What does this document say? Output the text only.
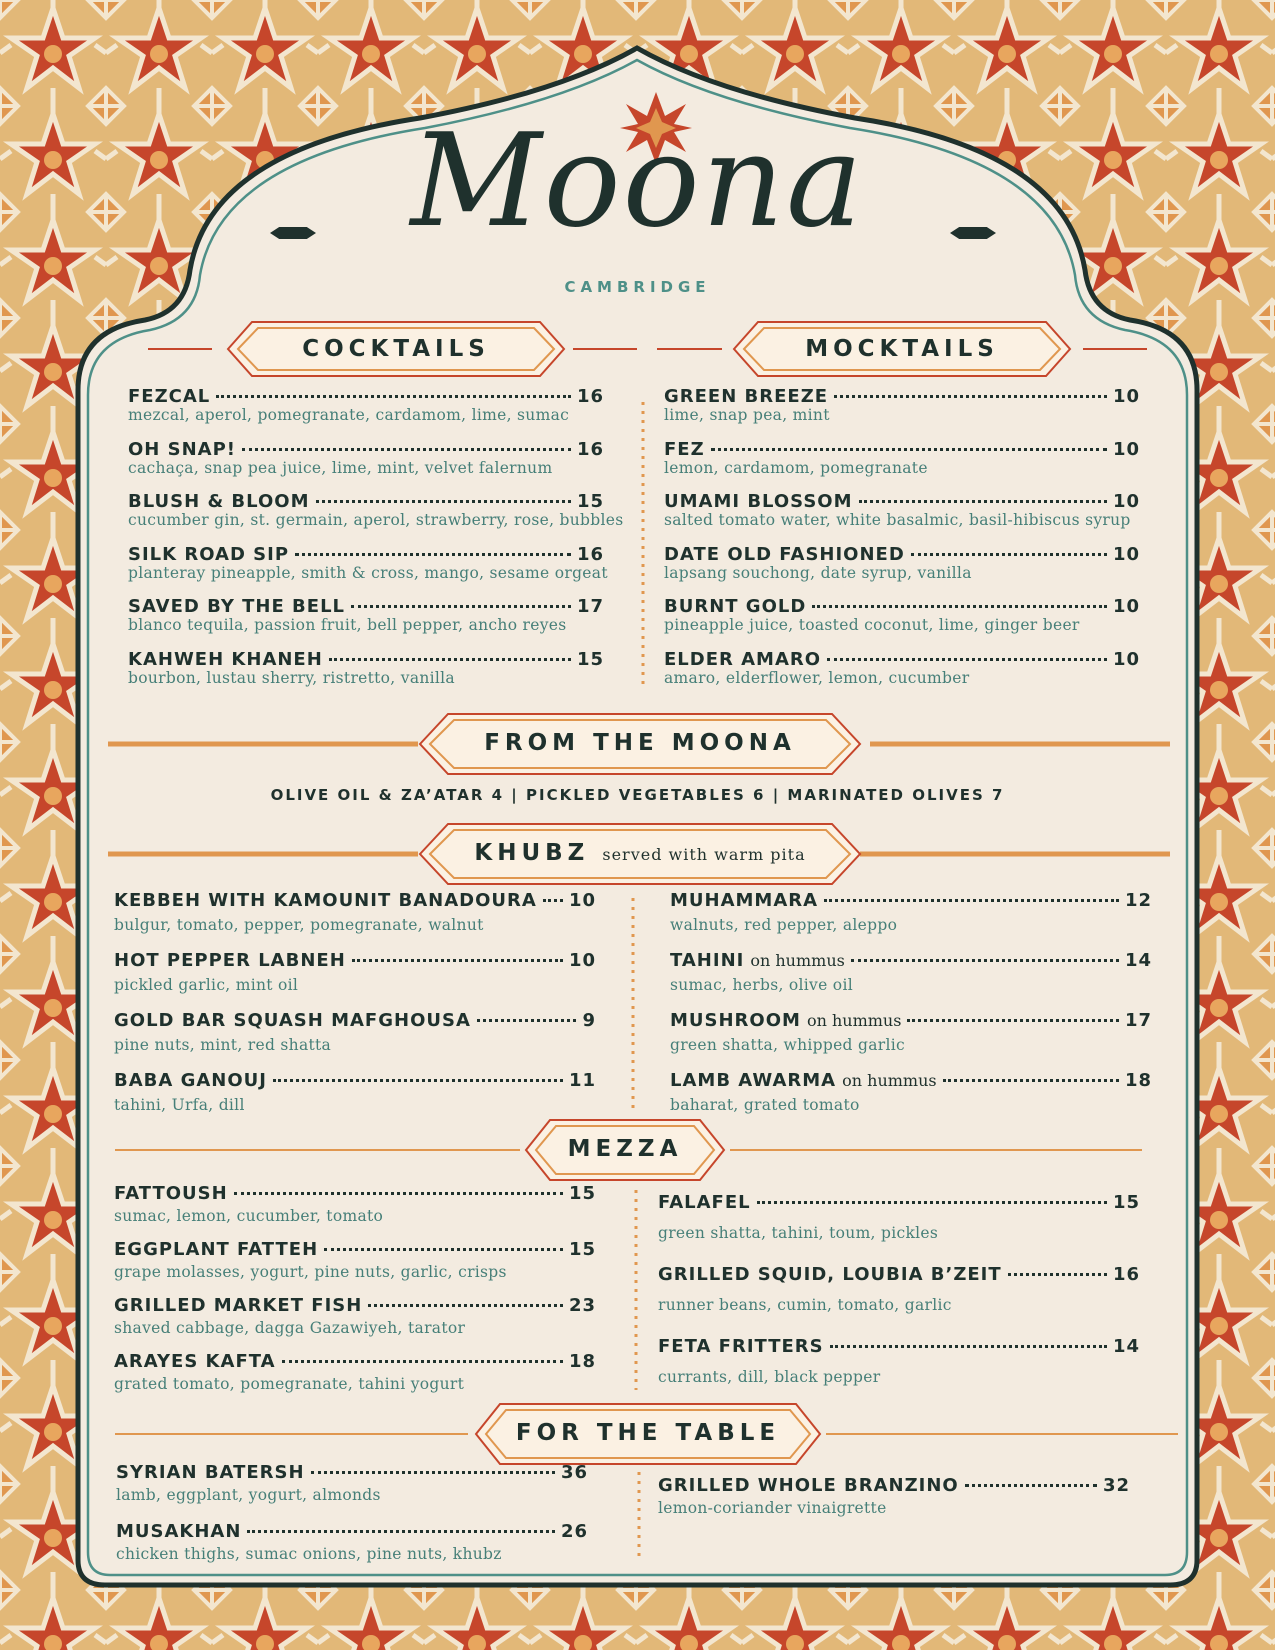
Moona
CAMBRIDGE
COCKTAILS	MOCKTAILS
FROM THE MOONA
KHUBZ served with warm pita
MEZZA
FOR THE TABLE
OLIVE OIL & ZA’ATAR 4 | PICKLED VEGETABLES 6 | MARINATED OLIVES 7
FEZCAL	16
mezcal, aperol, pomegranate, cardamom, lime, sumac
OH SNAP!	16
cachaça, snap pea juice, lime, mint, velvet falernum
BLUSH & BLOOM	15
cucumber gin, st. germain, aperol, strawberry, rose, bubbles
SILK ROAD SIP	16
planteray pineapple, smith & cross, mango, sesame orgeat
SAVED BY THE BELL	17
blanco tequila, passion fruit, bell pepper, ancho reyes
KAHWEH KHANEH	15
bourbon, lustau sherry, ristretto, vanilla
GREEN BREEZE	10
lime, snap pea, mint
FEZ	10
lemon, cardamom, pomegranate
UMAMI BLOSSOM	10
salted tomato water, white basalmic, basil-hibiscus syrup
DATE OLD FASHIONED	10
lapsang souchong, date syrup, vanilla
BURNT GOLD	10
pineapple juice, toasted coconut, lime, ginger beer
ELDER AMARO	10
amaro, elderflower, lemon, cucumber
KEBBEH WITH KAMOUNIT BANADOURA 10
bulgur, tomato, pepper, pomegranate, walnut
HOT PEPPER LABNEH	10
pickled garlic, mint oil
GOLD BAR SQUASH MAFGHOUSA	9
pine nuts, mint, red shatta
BABA GANOUJ	11
tahini, Urfa, dill
MUHAMMARA	12
walnuts, red pepper, aleppo
TAHINI on hummus	14
sumac, herbs, olive oil
MUSHROOM on hummus	17
green shatta, whipped garlic
LAMB AWARMA on hummus	18
baharat, grated tomato
FATTOUSH	15
sumac, lemon, cucumber, tomato
EGGPLANT FATTEH	15
grape molasses, yogurt, pine nuts, garlic, crisps
GRILLED MARKET FISH	23
shaved cabbage, dagga Gazawiyeh, tarator
ARAYES KAFTA	18
grated tomato, pomegranate, tahini yogurt
FALAFEL	15
green shatta, tahini, toum, pickles
GRILLED SQUID, LOUBIA B’ZEIT	16
runner beans, cumin, tomato, garlic
FETA FRITTERS	14
currants, dill, black pepper
SYRIAN BATERSH	36
lamb, eggplant, yogurt, almonds
MUSAKHAN	26
chicken thighs, sumac onions, pine nuts, khubz
GRILLED WHOLE BRANZINO	32
lemon-coriander vinaigrette
